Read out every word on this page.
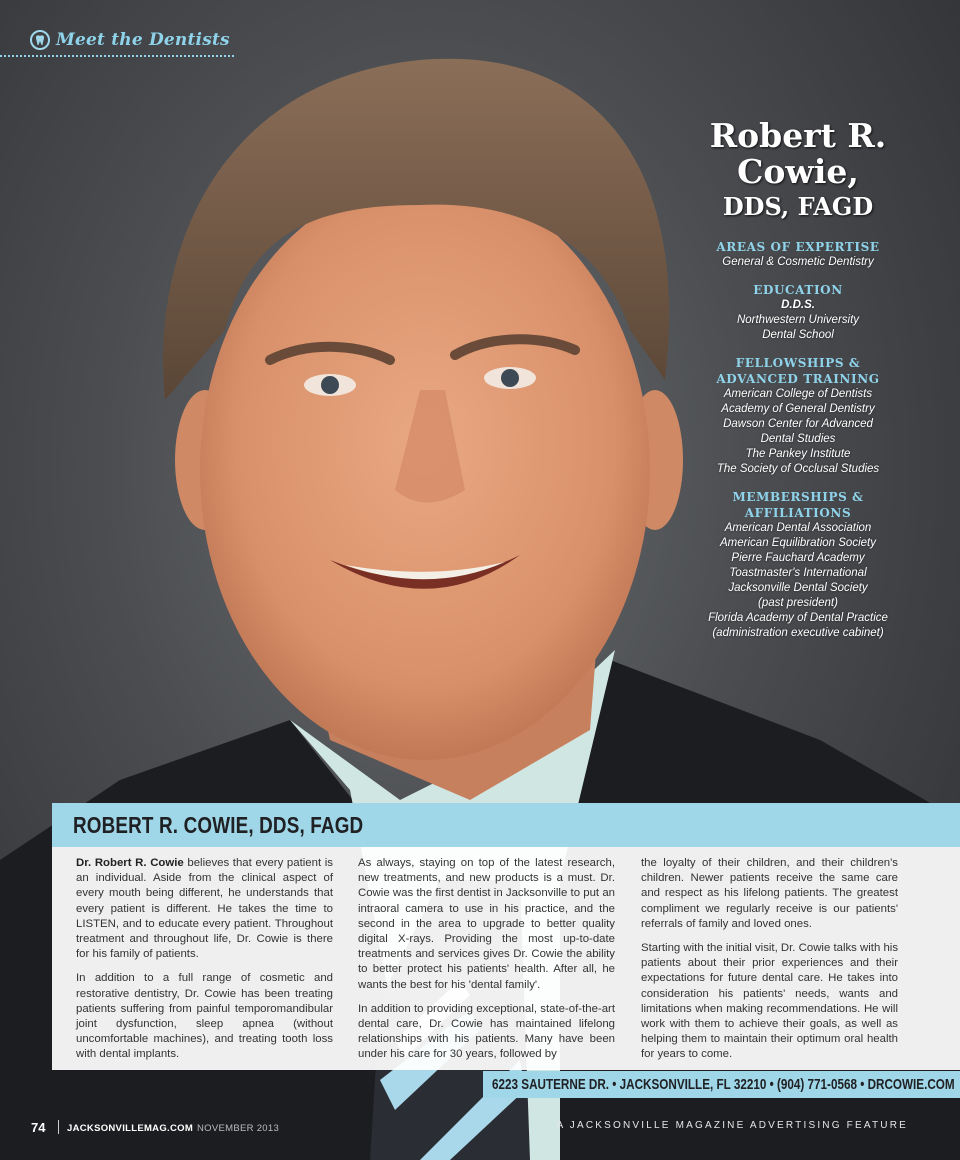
Meet the Dentists
Robert R. Cowie,
DDS, FAGD
AREAS OF EXPERTISE
General & Cosmetic Dentistry
EDUCATION
D.D.S.
Northwestern University
Dental School
FELLOWSHIPS & ADVANCED TRAINING
American College of Dentists
Academy of General Dentistry
Dawson Center for Advanced
Dental Studies
The Pankey Institute
The Society of Occlusal Studies
MEMBERSHIPS & AFFILIATIONS
American Dental Association
American Equilibration Society
Pierre Fauchard Academy
Toastmaster's International
Jacksonville Dental Society
(past president)
Florida Academy of Dental Practice
(administration executive cabinet)
ROBERT R. COWIE, DDS, FAGD

Dr. Robert R. Cowie believes that every patient is an individual. Aside from the clinical aspect of every mouth being different, he understands that every patient is different. He takes the time to LISTEN, and to educate every patient. Throughout treatment and throughout life, Dr. Cowie is there for his family of patients.

In addition to a full range of cosmetic and restorative dentistry, Dr. Cowie has been treating patients suffering from painful temporomandibular joint dysfunction, sleep apnea (without uncomfortable machines), and treating tooth loss with dental implants.

As always, staying on top of the latest research, new treatments, and new products is a must. Dr. Cowie was the first dentist in Jacksonville to put an intraoral camera to use in his practice, and the second in the area to upgrade to better quality digital X-rays. Providing the most up-to-date treatments and services gives Dr. Cowie the ability to better protect his patients' health. After all, he wants the best for his 'dental family'.

In addition to providing exceptional, state-of-the-art dental care, Dr. Cowie has maintained lifelong relationships with his patients. Many have been under his care for 30 years, followed by

the loyalty of their children, and their children's children. Newer patients receive the same care and respect as his lifelong patients. The greatest compliment we regularly receive is our patients' referrals of family and loved ones.

Starting with the initial visit, Dr. Cowie talks with his patients about their prior experiences and their expectations for future dental care. He takes into consideration his patients' needs, wants and limitations when making recommendations. He will work with them to achieve their goals, as well as helping them to maintain their optimum oral health for years to come.

6223 SAUTERNE DR. • JACKSONVILLE, FL 32210 • (904) 771-0568 • DRCOWIE.COM
74 JACKSONVILLEMAG.COM NOVEMBER 2013	A JACKSONVILLE MAGAZINE ADVERTISING FEATURE
